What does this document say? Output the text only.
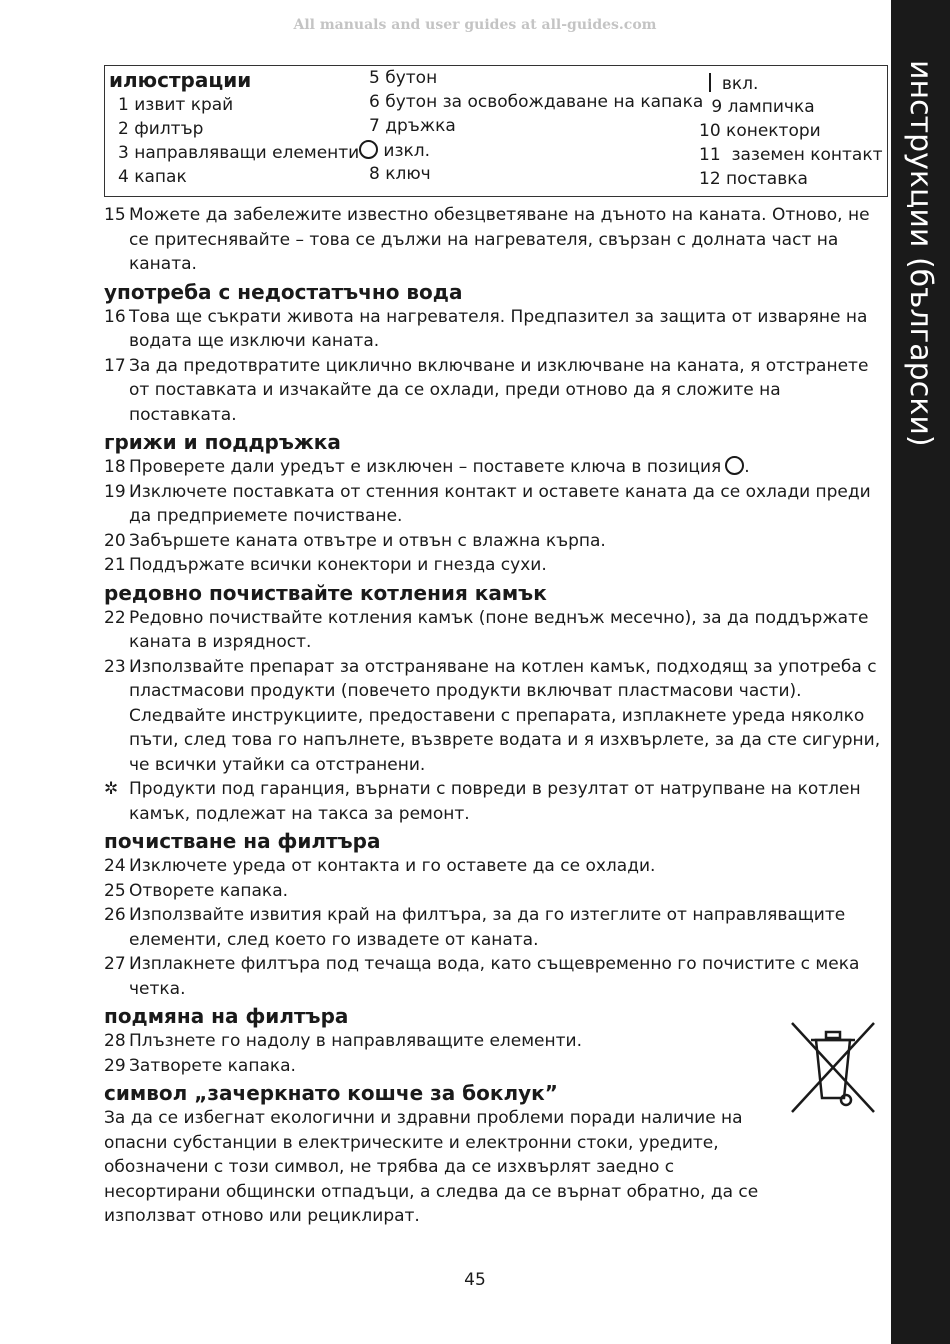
All manuals and user guides at all-guides.com
инструкции (български)
илюстрации
1 извит край
2 филтър
3 направляващи елементи
4 капак
5 бутон
6 бутон за освобождаване на капака
7 дръжка
изкл.
8 ключ
вкл.
9 лампичка
10 конектори
11 заземен контакт
12 поставка
15 Можете да забележите известно обезцветяване на дъното на каната. Отново, не се притеснявайте – това се дължи на нагревателя, свързан с долната част на каната.
употреба с недостатъчно вода
16 Това ще съкрати живота на нагревателя. Предпазител за защита от изваряне на водата ще изключи каната.
17 За да предотвратите циклично включване и изключване на каната, я отстранете от поставката и изчакайте да се охлади, преди отново да я сложите на поставката.
грижи и поддръжка
18 Проверете дали уредът е изключен – поставете ключа в позиция .
19 Изключете поставката от стенния контакт и оставете каната да се охлади преди да предприемете почистване.
20 Забършете каната отвътре и отвън с влажна кърпа.
21 Поддържате всички конектори и гнезда сухи.
редовно почиствайте котления камък
22 Редовно почиствайте котления камък (поне веднъж месечно), за да поддържате каната в изрядност.
23 Използвайте препарат за отстраняване на котлен камък, подходящ за употреба с пластмасови продукти (повечето продукти включват пластмасови части). Следвайте инструкциите, предоставени с препарата, изплакнете уреда няколко пъти, след това го напълнете, възврете водата и я изхвърлете, за да сте сигурни, че всички утайки са отстранени.
✲ Продукти под гаранция, върнати с повреди в резултат от натрупване на котлен камък, подлежат на такса за ремонт.
почистване на филтъра
24 Изключете уреда от контакта и го оставете да се охлади.
25 Отворете капака.
26 Използвайте извития край на филтъра, за да го изтеглите от направляващите елементи, след което го извадете от каната.
27 Изплакнете филтъра под течаща вода, като същевременно го почистите с мека четка.
подмяна на филтъра
28 Плъзнете го надолу в направляващите елементи.
29 Затворете капака.
символ „зачеркнато кошче за боклук”
За да се избегнат екологични и здравни проблеми поради наличие на опасни субстанции в електрическите и електронни стоки, уредите, обозначени с този символ, не трябва да се изхвърлят заедно с несортирани общински отпадъци, а следва да се върнат обратно, да се използват отново или рециклират.
45
